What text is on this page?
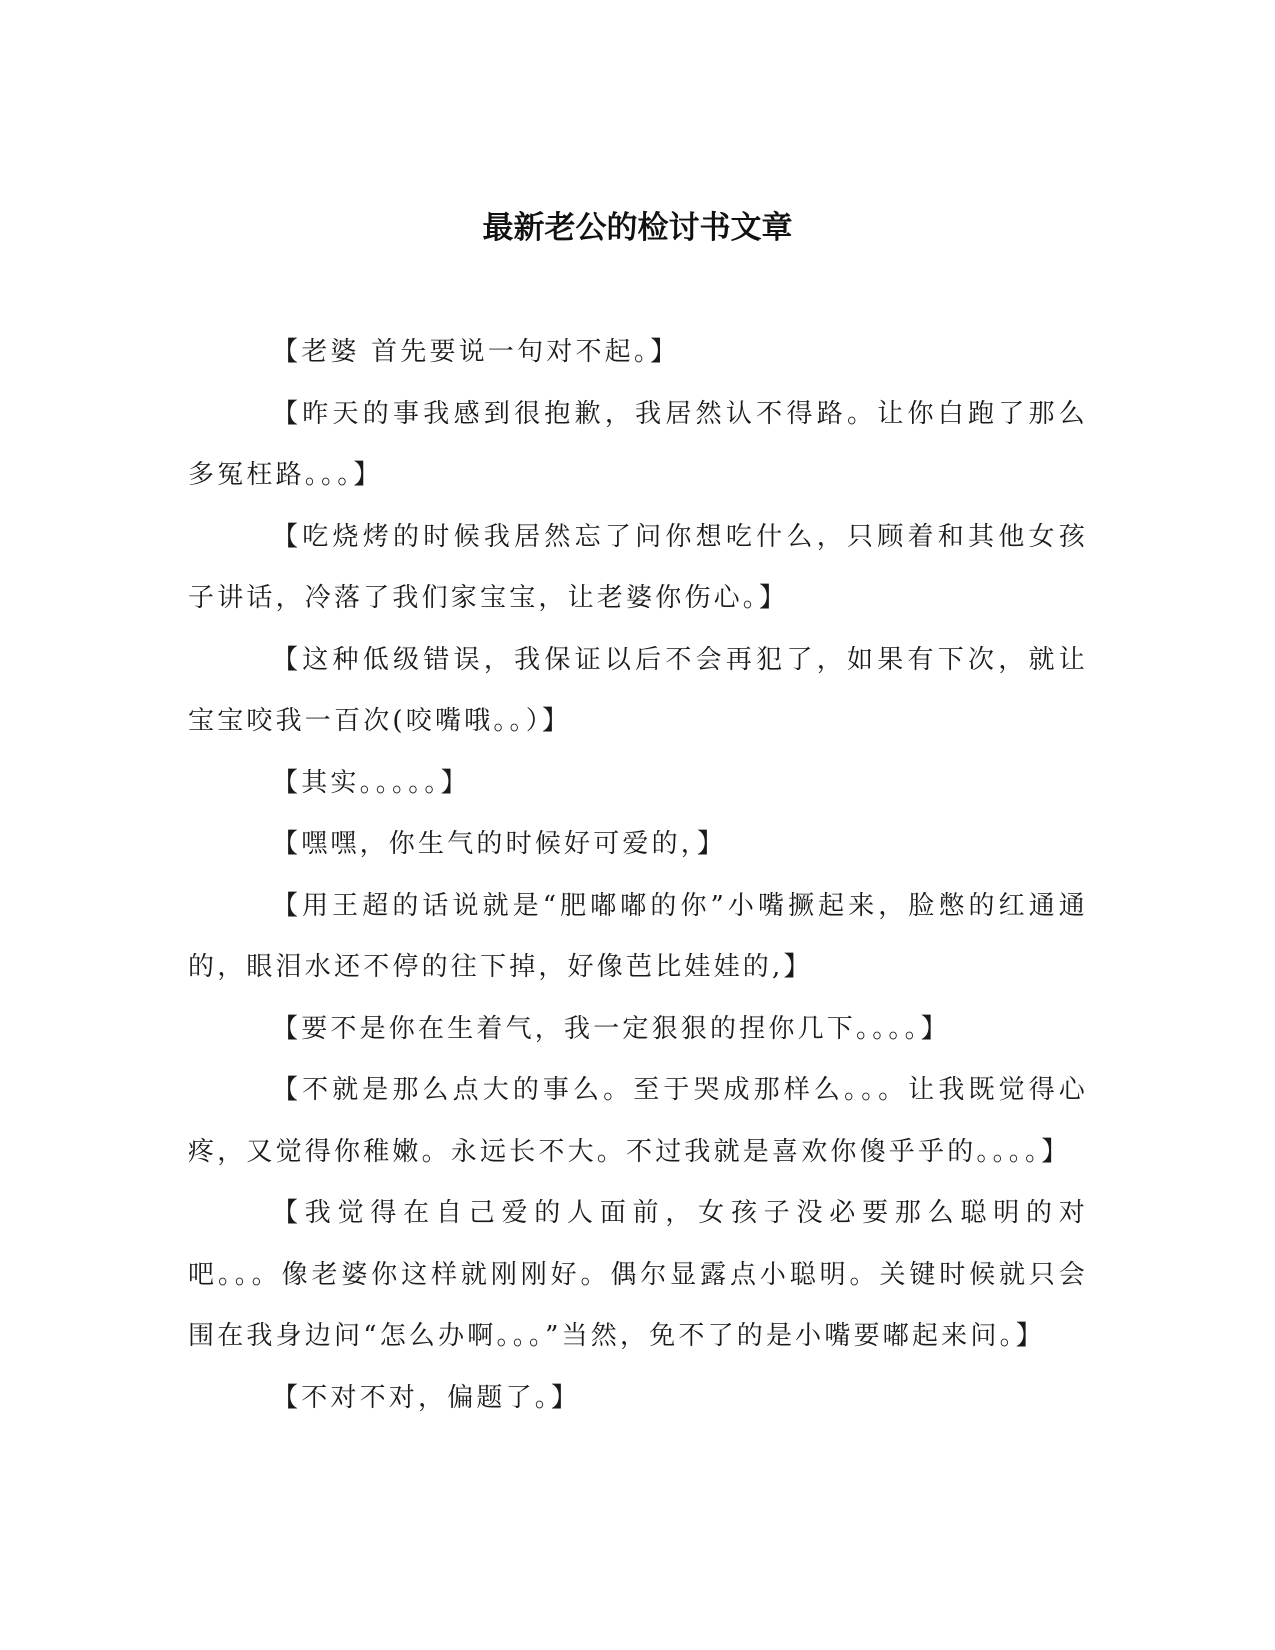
最新老公的检讨书文章

【老婆 首先要说一句对不起。】

【昨天的事我感到很抱歉，我居然认不得路。让你白跑了那么多冤枉路。。。】

【吃烧烤的时候我居然忘了问你想吃什么，只顾着和其他女孩子讲话，冷落了我们家宝宝，让老婆你伤心。】

【这种低级错误，我保证以后不会再犯了，如果有下次，就让宝宝咬我一百次(咬嘴哦。。）】

【其实。。。。。】

【嘿嘿，你生气的时候好可爱的，】

【用王超的话说就是“肥嘟嘟的你”小嘴撅起来，脸憋的红通通的，眼泪水还不停的往下掉，好像芭比娃娃的,】

【要不是你在生着气，我一定狠狠的捏你几下。。。。】

【不就是那么点大的事么。至于哭成那样么。。。让我既觉得心疼，又觉得你稚嫩。永远长不大。不过我就是喜欢你傻乎乎的。。。。】

【我觉得在自己爱的人面前，女孩子没必要那么聪明的对吧。。。像老婆你这样就刚刚好。偶尔显露点小聪明。关键时候就只会围在我身边问“怎么办啊。。。”当然，免不了的是小嘴要嘟起来问。】

【不对不对，偏题了。】
